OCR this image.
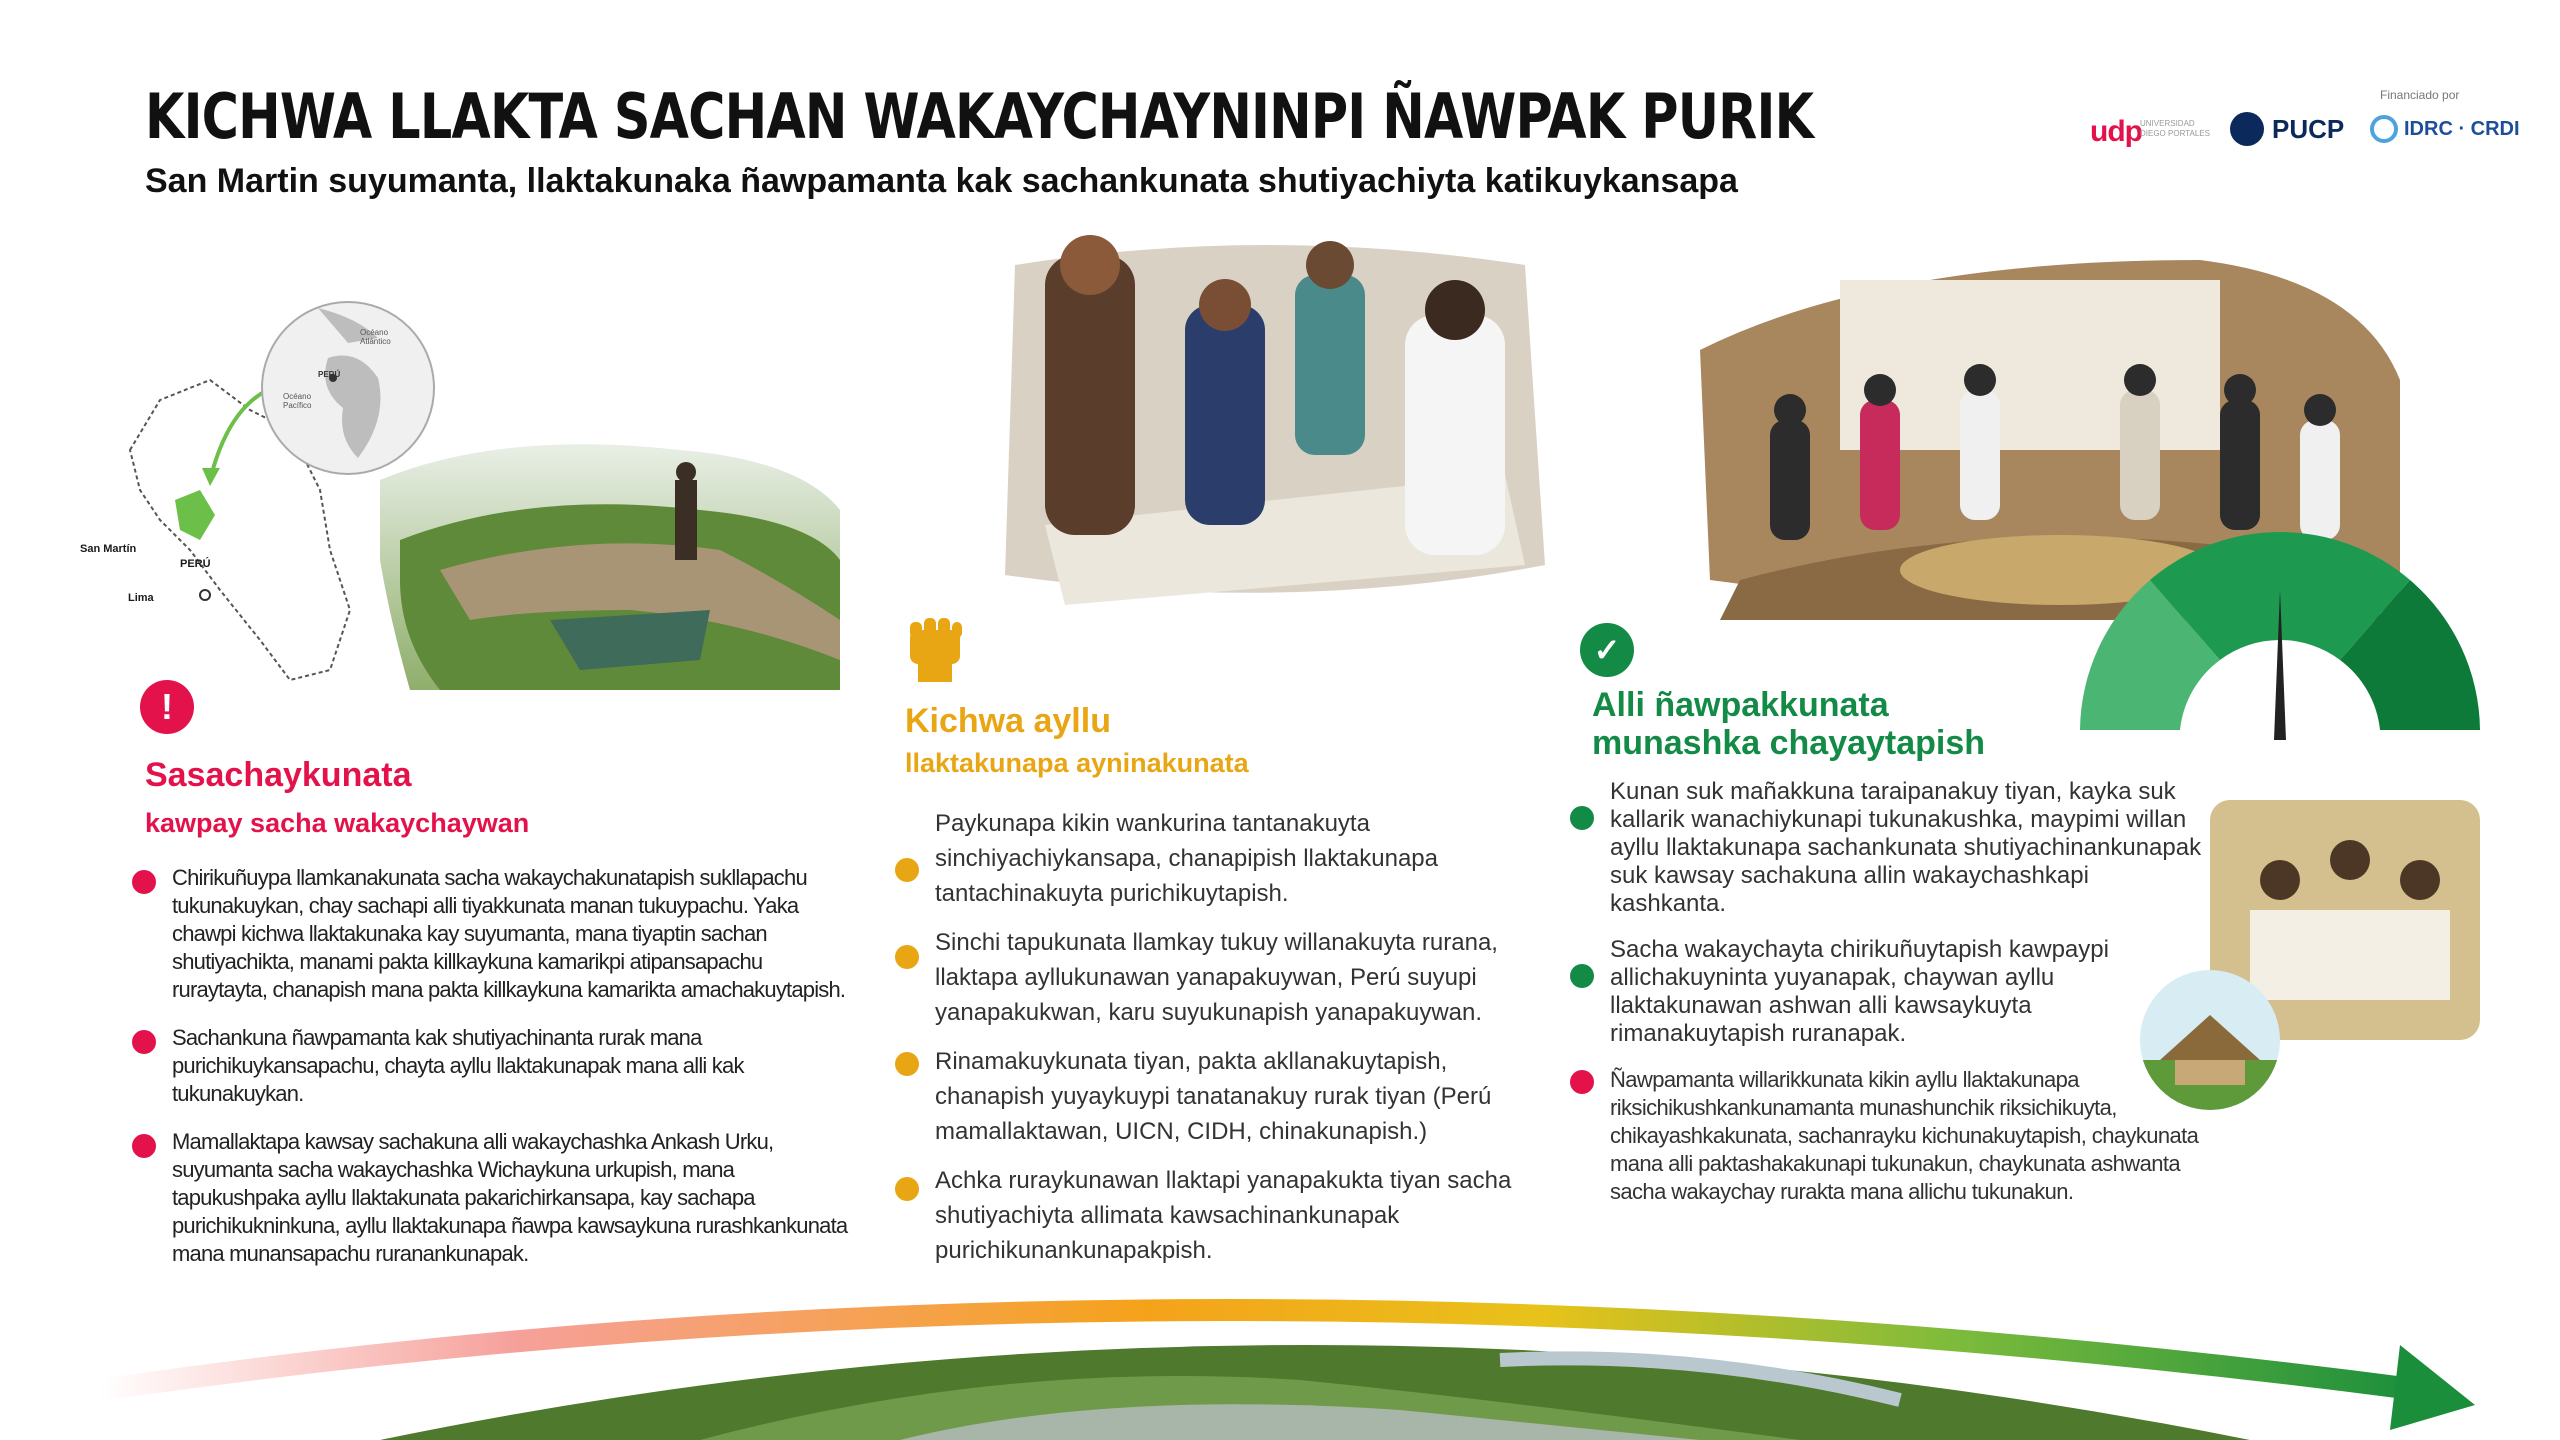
KICHWA LLAKTA SACHAN WAKAYCHAYNINPI ÑAWPAK PURIK
San Martin suyumanta, llaktakunaka ñawpamanta kak sachankunata shutiyachiyta katikuykansapa
Financiado por
udp
UNIVERSIDAD DIEGO PORTALES PUCP	IDRC · CRDI
San Martín
PERÚ
Lima
Océano Atlántico
Océano Pacífico
PERÚ
!
Sasachaykunata
kawpay sacha wakaychaywan
Chirikuñuypa llamkanakunata sacha wakaychakunatapish sukllapachu tukunakuykan, chay sachapi alli tiyakkunata manan tukuypachu. Yaka chawpi kichwa llaktakunaka kay suyumanta, mana tiyaptin sachan shutiyachikta, manami pakta killkaykuna kamarikpi atipansapachu ruraytayta, chanapish mana pakta killkaykuna kamarikta amachakuytapish.
Sachankuna ñawpamanta kak shutiyachinanta rurak mana purichikuykansapachu, chayta ayllu llaktakunapak mana alli kak tukunakuykan.
Mamallaktapa kawsay sachakuna alli wakaychashka Ankash Urku, suyumanta sacha wakaychashka Wichaykuna urkupish, mana tapukushpaka ayllu llaktakunata pakarichirkansapa, kay sachapa purichikukninkuna, ayllu llaktakunapa ñawpa kawsaykuna rurashkankunata mana munansapachu ruranankunapak.
Kichwa ayllu
llaktakunapa ayninakunata
Paykunapa kikin wankurina tantanakuyta sinchiyachiykansapa, chanapipish llaktakunapa tantachinakuyta purichikuytapish.
Sinchi tapukunata llamkay tukuy willanakuyta rurana, llaktapa ayllukunawan yanapakuywan, Perú suyupi yanapakukwan, karu suyukunapish yanapakuywan.
Rinamakuykunata tiyan, pakta akllanakuytapish, chanapish yuyaykuypi tanatanakuy rurak tiyan (Perú mamallaktawan, UICN, CIDH, chinakunapish.)
Achka ruraykunawan llaktapi yanapakukta tiyan sacha shutiyachiyta allimata kawsachinankunapak purichikunankunapakpish.
✓
Alli ñawpakkunata
munashka chayaytapish
Kunan suk mañakkuna taraipanakuy tiyan, kayka suk kallarik wanachiykunapi tukunakushka, maypimi willan ayllu llaktakunapa sachankunata shutiyachinankunapak suk kawsay sachakuna allin wakaychashkapi kashkanta.
Sacha wakaychayta chirikuñuytapish kawpaypi allichakuyninta yuyanapak, chaywan ayllu llaktakunawan ashwan alli kawsaykuyta rimanakuytapish ruranapak.
Ñawpamanta willarikkunata kikin ayllu llaktakunapa riksichikushkankunamanta munashunchik riksichikuyta, chikayashkakunata, sachanrayku kichunakuytapish, chaykunata mana alli paktashakakunapi tukunakun, chaykunata ashwanta sacha wakaychay rurakta mana allichu tukunakun.
